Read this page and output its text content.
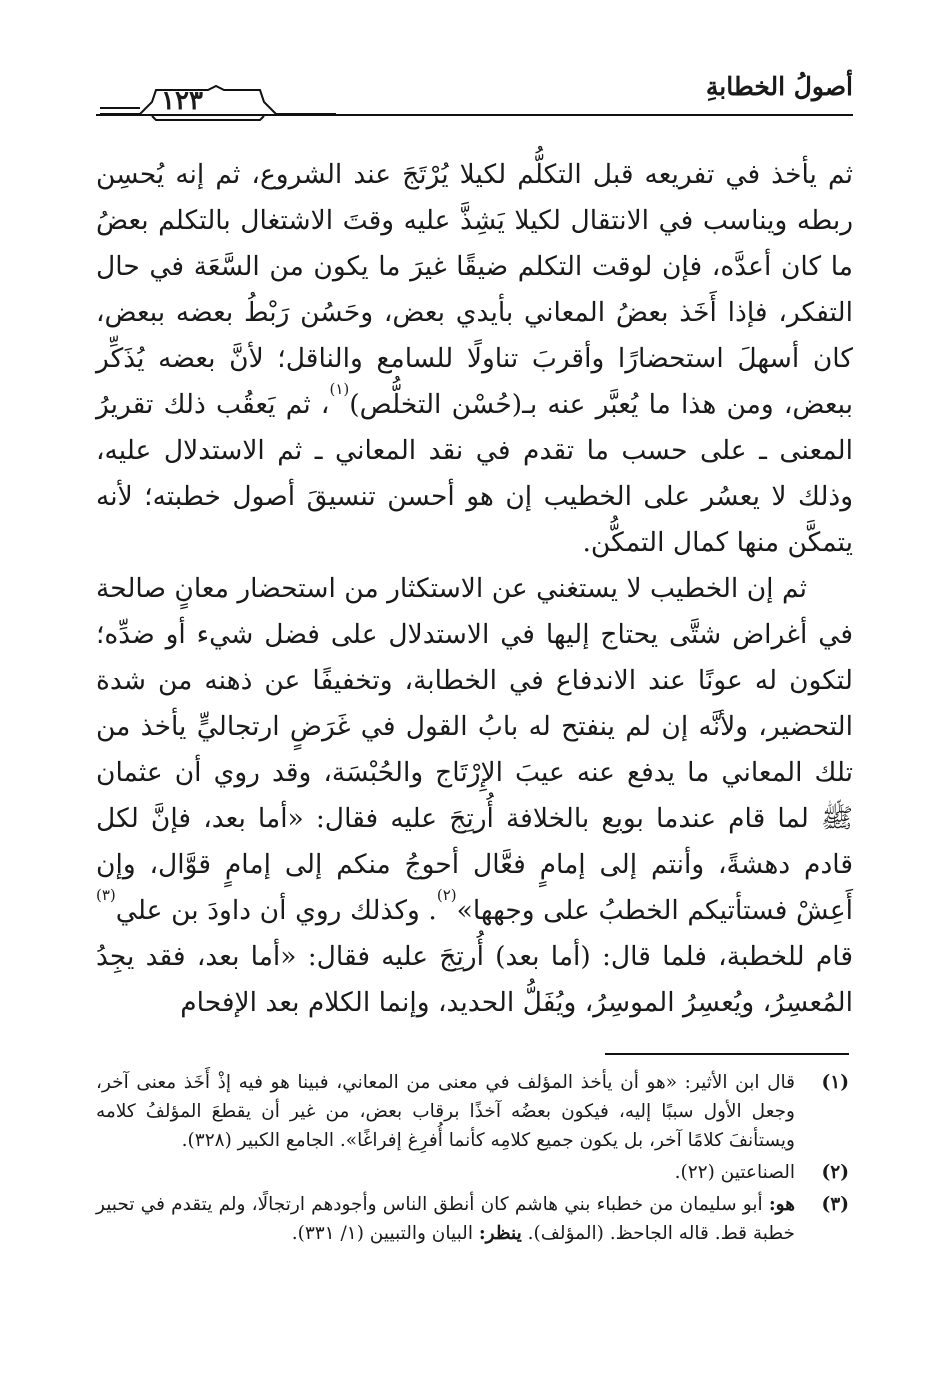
أصولُ الخطابةِ
١٢٣

ثم يأخذ في تفريعه قبل التكلُّم لكيلا يُرْتَجَ عند الشروع، ثم إنه يُحسِن ربطه ويناسب في الانتقال لكيلا يَشِذَّ عليه وقتَ الاشتغال بالتكلم بعضُ ما كان أعدَّه، فإن لوقت التكلم ضيقًا غيرَ ما يكون من السَّعَة في حال التفكر، فإذا أَخَذ بعضُ المعاني بأيدي بعض، وحَسُن رَبْطُ بعضه ببعض، كان أسهلَ استحضارًا وأقربَ تناولًا للسامع والناقل؛ لأنَّ بعضه يُذَكِّر ببعض، ومن هذا ما يُعبَّر عنه بـ(حُسْن التخلُّص)$^{(١)}$، ثم يَعقُب ذلك تقريرُ المعنى ـ على حسب ما تقدم في نقد المعاني ـ ثم الاستدلال عليه، وذلك لا يعسُر على الخطيب إن هو أحسن تنسيقَ أصول خطبته؛ لأنه يتمكَّن منها كمال التمكُّن.

ثم إن الخطيب لا يستغني عن الاستكثار من استحضار معانٍ صالحة في أغراض شتَّى يحتاج إليها في الاستدلال على فضل شيء أو ضدِّه؛ لتكون له عونًا عند الاندفاع في الخطابة، وتخفيفًا عن ذهنه من شدة التحضير، ولأنَّه إن لم ينفتح له بابُ القول في غَرَضٍ ارتجاليٍّ يأخذ من تلك المعاني ما يدفع عنه عيبَ الإِرْتَاج والحُبْسَة، وقد روي أن عثمان ﷺ لما قام عندما بويع بالخلافة أُرتِجَ عليه فقال: «أما بعد، فإنَّ لكل قادم دهشةً، وأنتم إلى إمامٍ فعَّال أحوجُ منكم إلى إمامٍ قوَّال، وإن أَعِشْ فستأتيكم الخطبُ على وجهها»$^{(٢)}$. وكذلك روي أن داودَ بن علي$^{(٣)}$ قام للخطبة، فلما قال: (أما بعد) أُرتِجَ عليه فقال: «أما بعد، فقد يجِدُ المُعسِرُ، ويُعسِرُ الموسِرُ، ويُفَلُّ الحديد، وإنما الكلام بعد الإفحام

(١)
قال ابن الأثير: «هو أن يأخذ المؤلف في معنى من المعاني، فبينا هو فيه إذْ أَخَذ معنى آخر، وجعل الأول سببًا إليه، فيكون بعضُه آخذًا برقاب بعض، من غير أن يقطعَ المؤلفُ كلامه ويستأنفَ كلامًا آخر، بل يكون جميع كلامِه كأنما أُفرِغ إفراغًا». الجامع الكبير (٣٢٨).
(٢)
الصناعتين (٢٢).
(٣)
هو: أبو سليمان من خطباء بني هاشم كان أنطق الناس وأجودهم ارتجالًا، ولم يتقدم في تحبير خطبة قط. قاله الجاحظ. (المؤلف). ينظر: البيان والتبيين (١/ ٣٣١).
